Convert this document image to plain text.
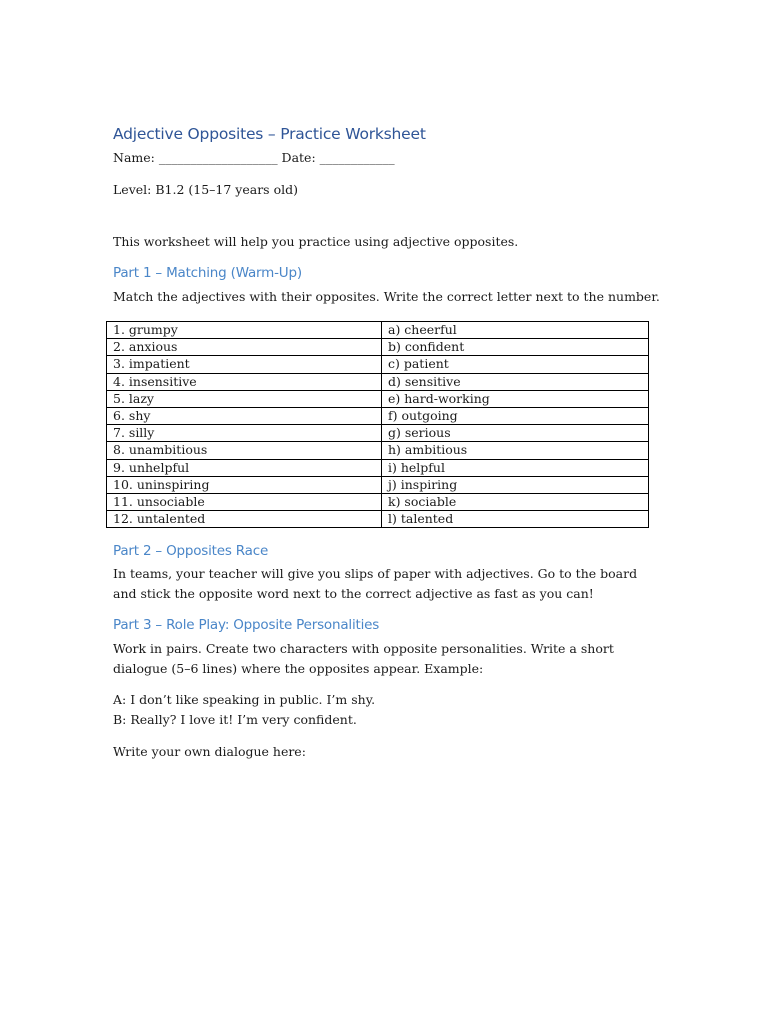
Adjective Opposites – Practice Worksheet
Name: ___________________ Date: ____________
Level: B1.2 (15–17 years old)
This worksheet will help you practice using adjective opposites.
Part 1 – Matching (Warm-Up)
Match the adjectives with their opposites. Write the correct letter next to the number.
1. grumpy	a) cheerful
2. anxious	b) confident
3. impatient	c) patient
4. insensitive	d) sensitive
5. lazy	e) hard-working
6. shy	f) outgoing
7. silly	g) serious
8. unambitious	h) ambitious
9. unhelpful	i) helpful
10. uninspiring	j) inspiring
11. unsociable	k) sociable
12. untalented	l) talented
Part 2 – Opposites Race
In teams, your teacher will give you slips of paper with adjectives. Go to the board and stick the opposite word next to the correct adjective as fast as you can!
Part 3 – Role Play: Opposite Personalities
Work in pairs. Create two characters with opposite personalities. Write a short dialogue (5–6 lines) where the opposites appear. Example:
A: I don’t like speaking in public. I’m shy.
B: Really? I love it! I’m very confident.
Write your own dialogue here:
